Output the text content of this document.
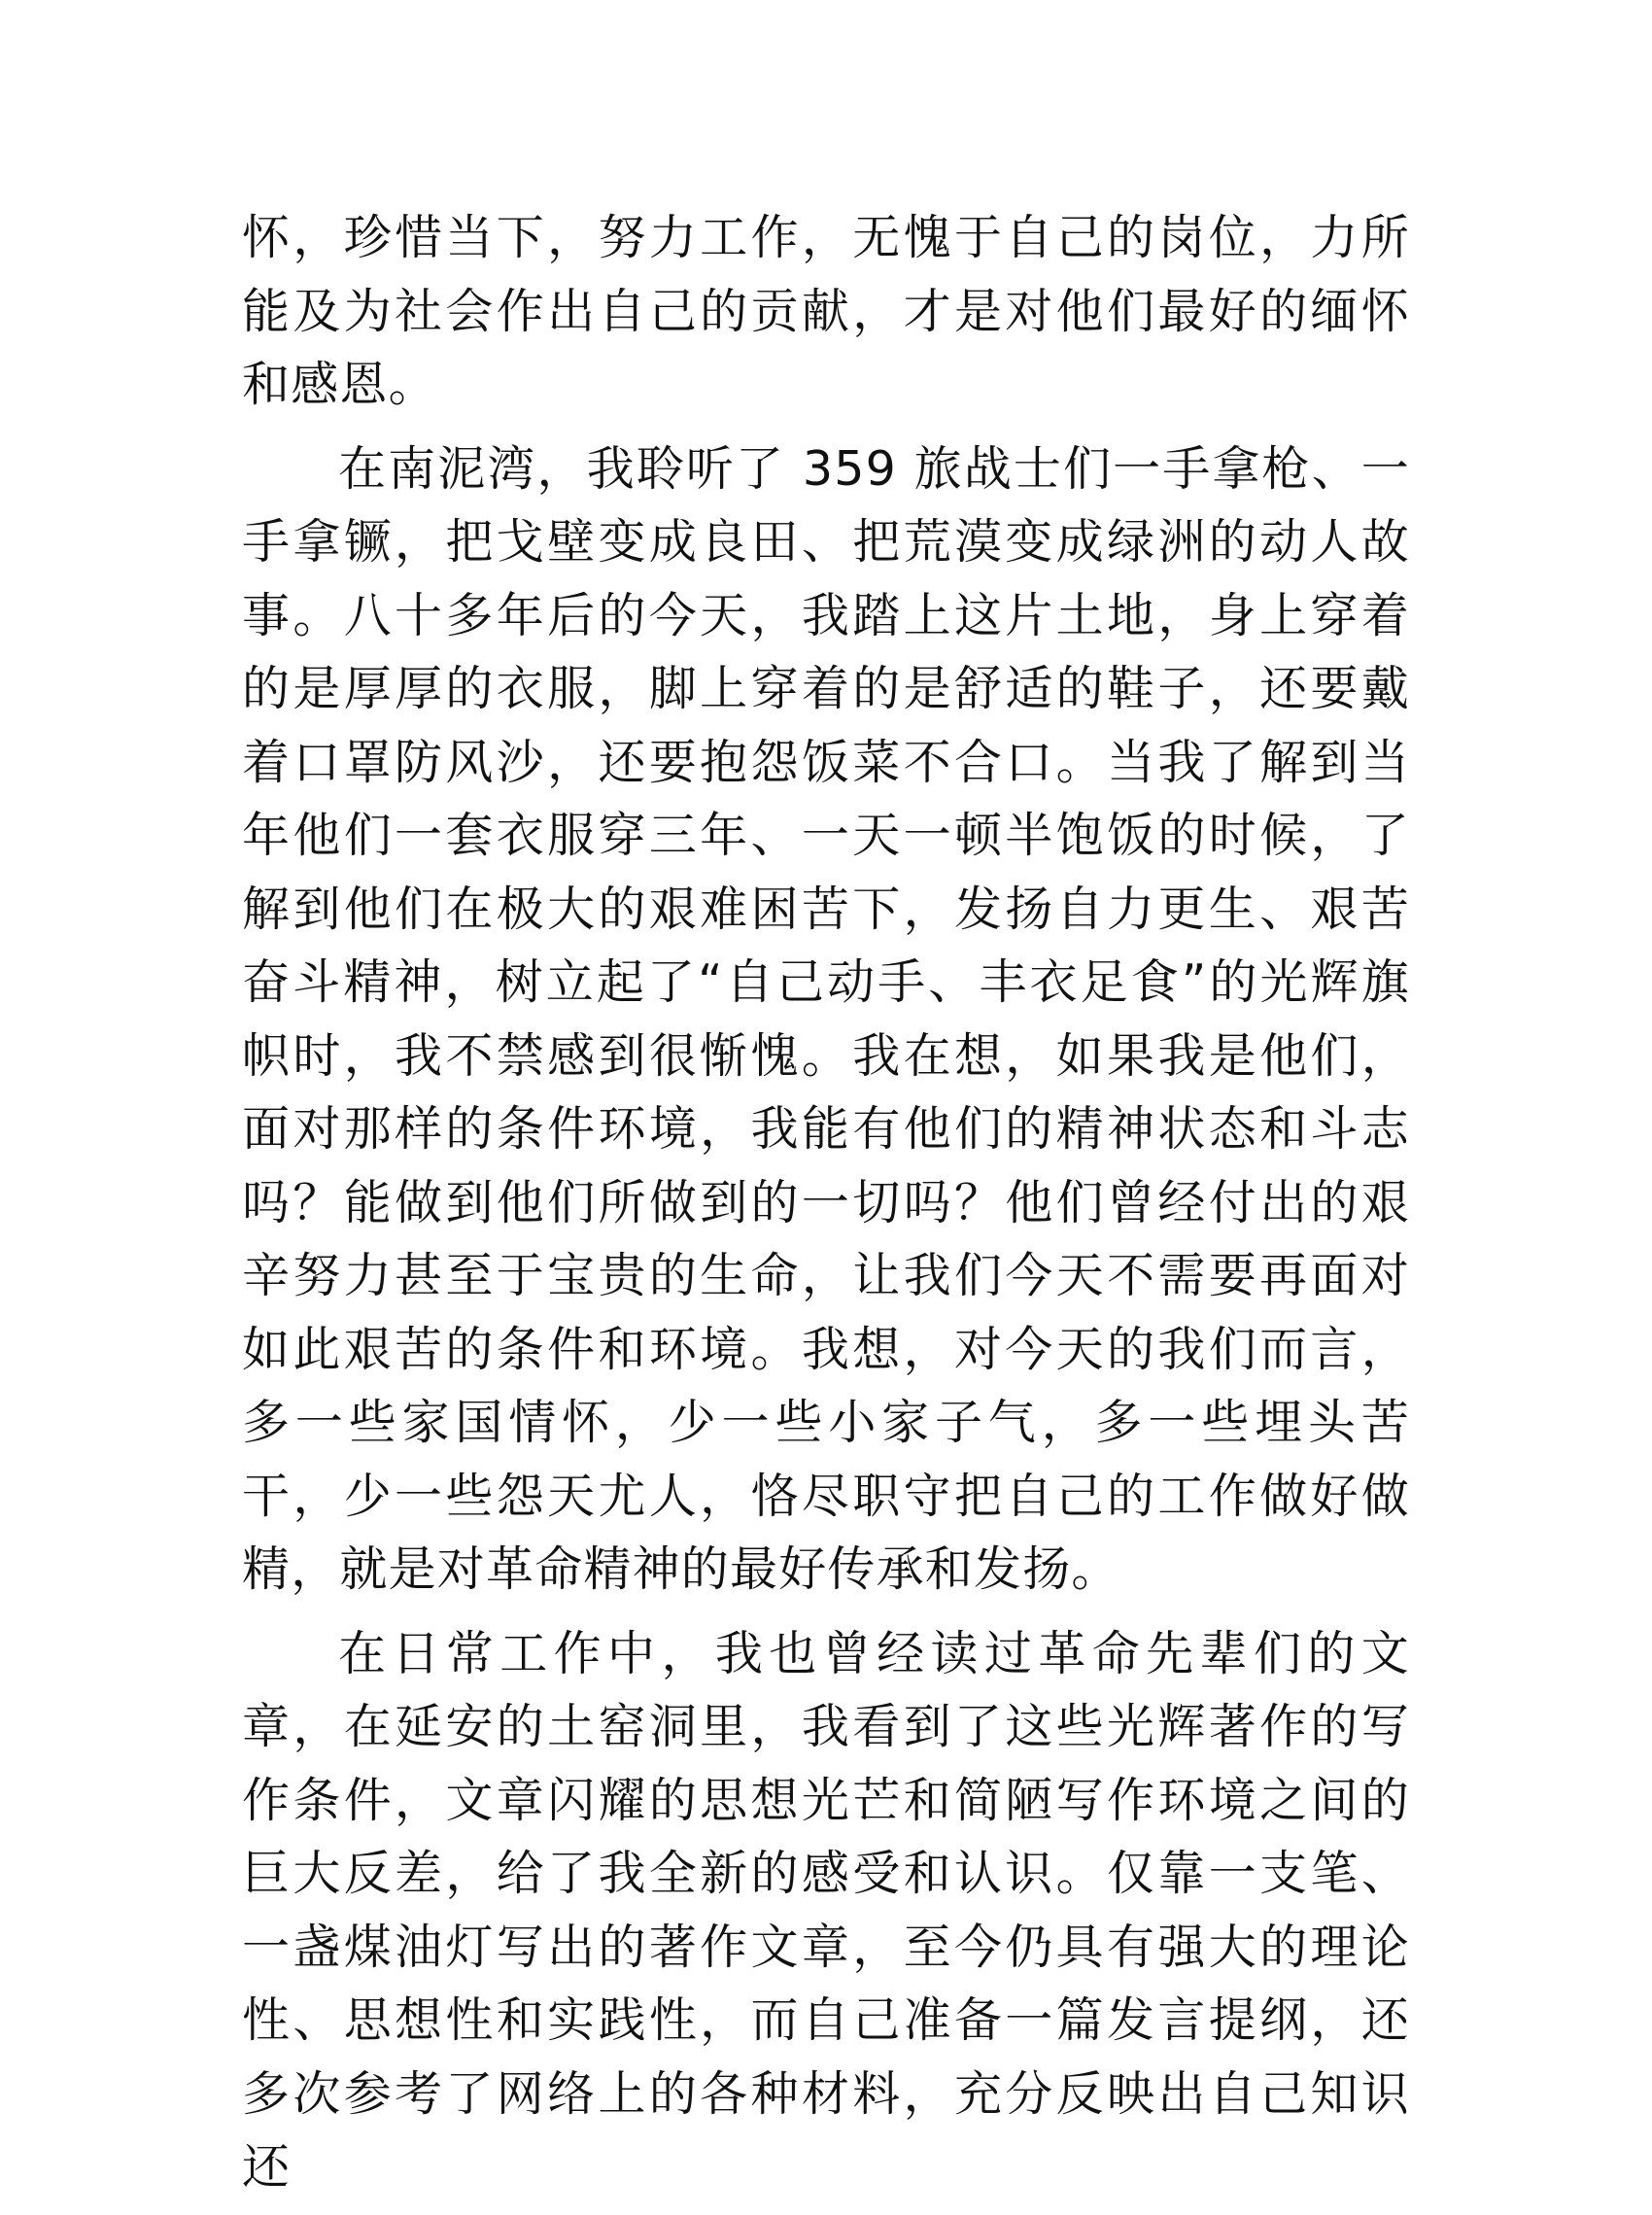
怀，珍惜当下，努力工作，无愧于自己的岗位，力所能及为社会作出自己的贡献，才是对他们最好的缅怀和感恩。

在南泥湾，我聆听了 359 旅战士们一手拿枪、一手拿镢，把戈壁变成良田、把荒漠变成绿洲的动人故事。八十多年后的今天，我踏上这片土地，身上穿着的是厚厚的衣服，脚上穿着的是舒适的鞋子，还要戴着口罩防风沙，还要抱怨饭菜不合口。当我了解到当年他们一套衣服穿三年、一天一顿半饱饭的时候，了解到他们在极大的艰难困苦下，发扬自力更生、艰苦奋斗精神，树立起了“自己动手、丰衣足食”的光辉旗帜时，我不禁感到很惭愧。我在想，如果我是他们，面对那样的条件环境，我能有他们的精神状态和斗志吗？能做到他们所做到的一切吗？他们曾经付出的艰辛努力甚至于宝贵的生命，让我们今天不需要再面对如此艰苦的条件和环境。我想，对今天的我们而言，多一些家国情怀，少一些小家子气，多一些埋头苦干，少一些怨天尤人，恪尽职守把自己的工作做好做精，就是对革命精神的最好传承和发扬。

在日常工作中，我也曾经读过革命先辈们的文章，在延安的土窑洞里，我看到了这些光辉著作的写作条件，文章闪耀的思想光芒和简陋写作环境之间的巨大反差，给了我全新的感受和认识。仅靠一支笔、一盏煤油灯写出的著作文章，至今仍具有强大的理论性、思想性和实践性，而自己准备一篇发言提纲，还多次参考了网络上的各种材料，充分反映出自己知识还
